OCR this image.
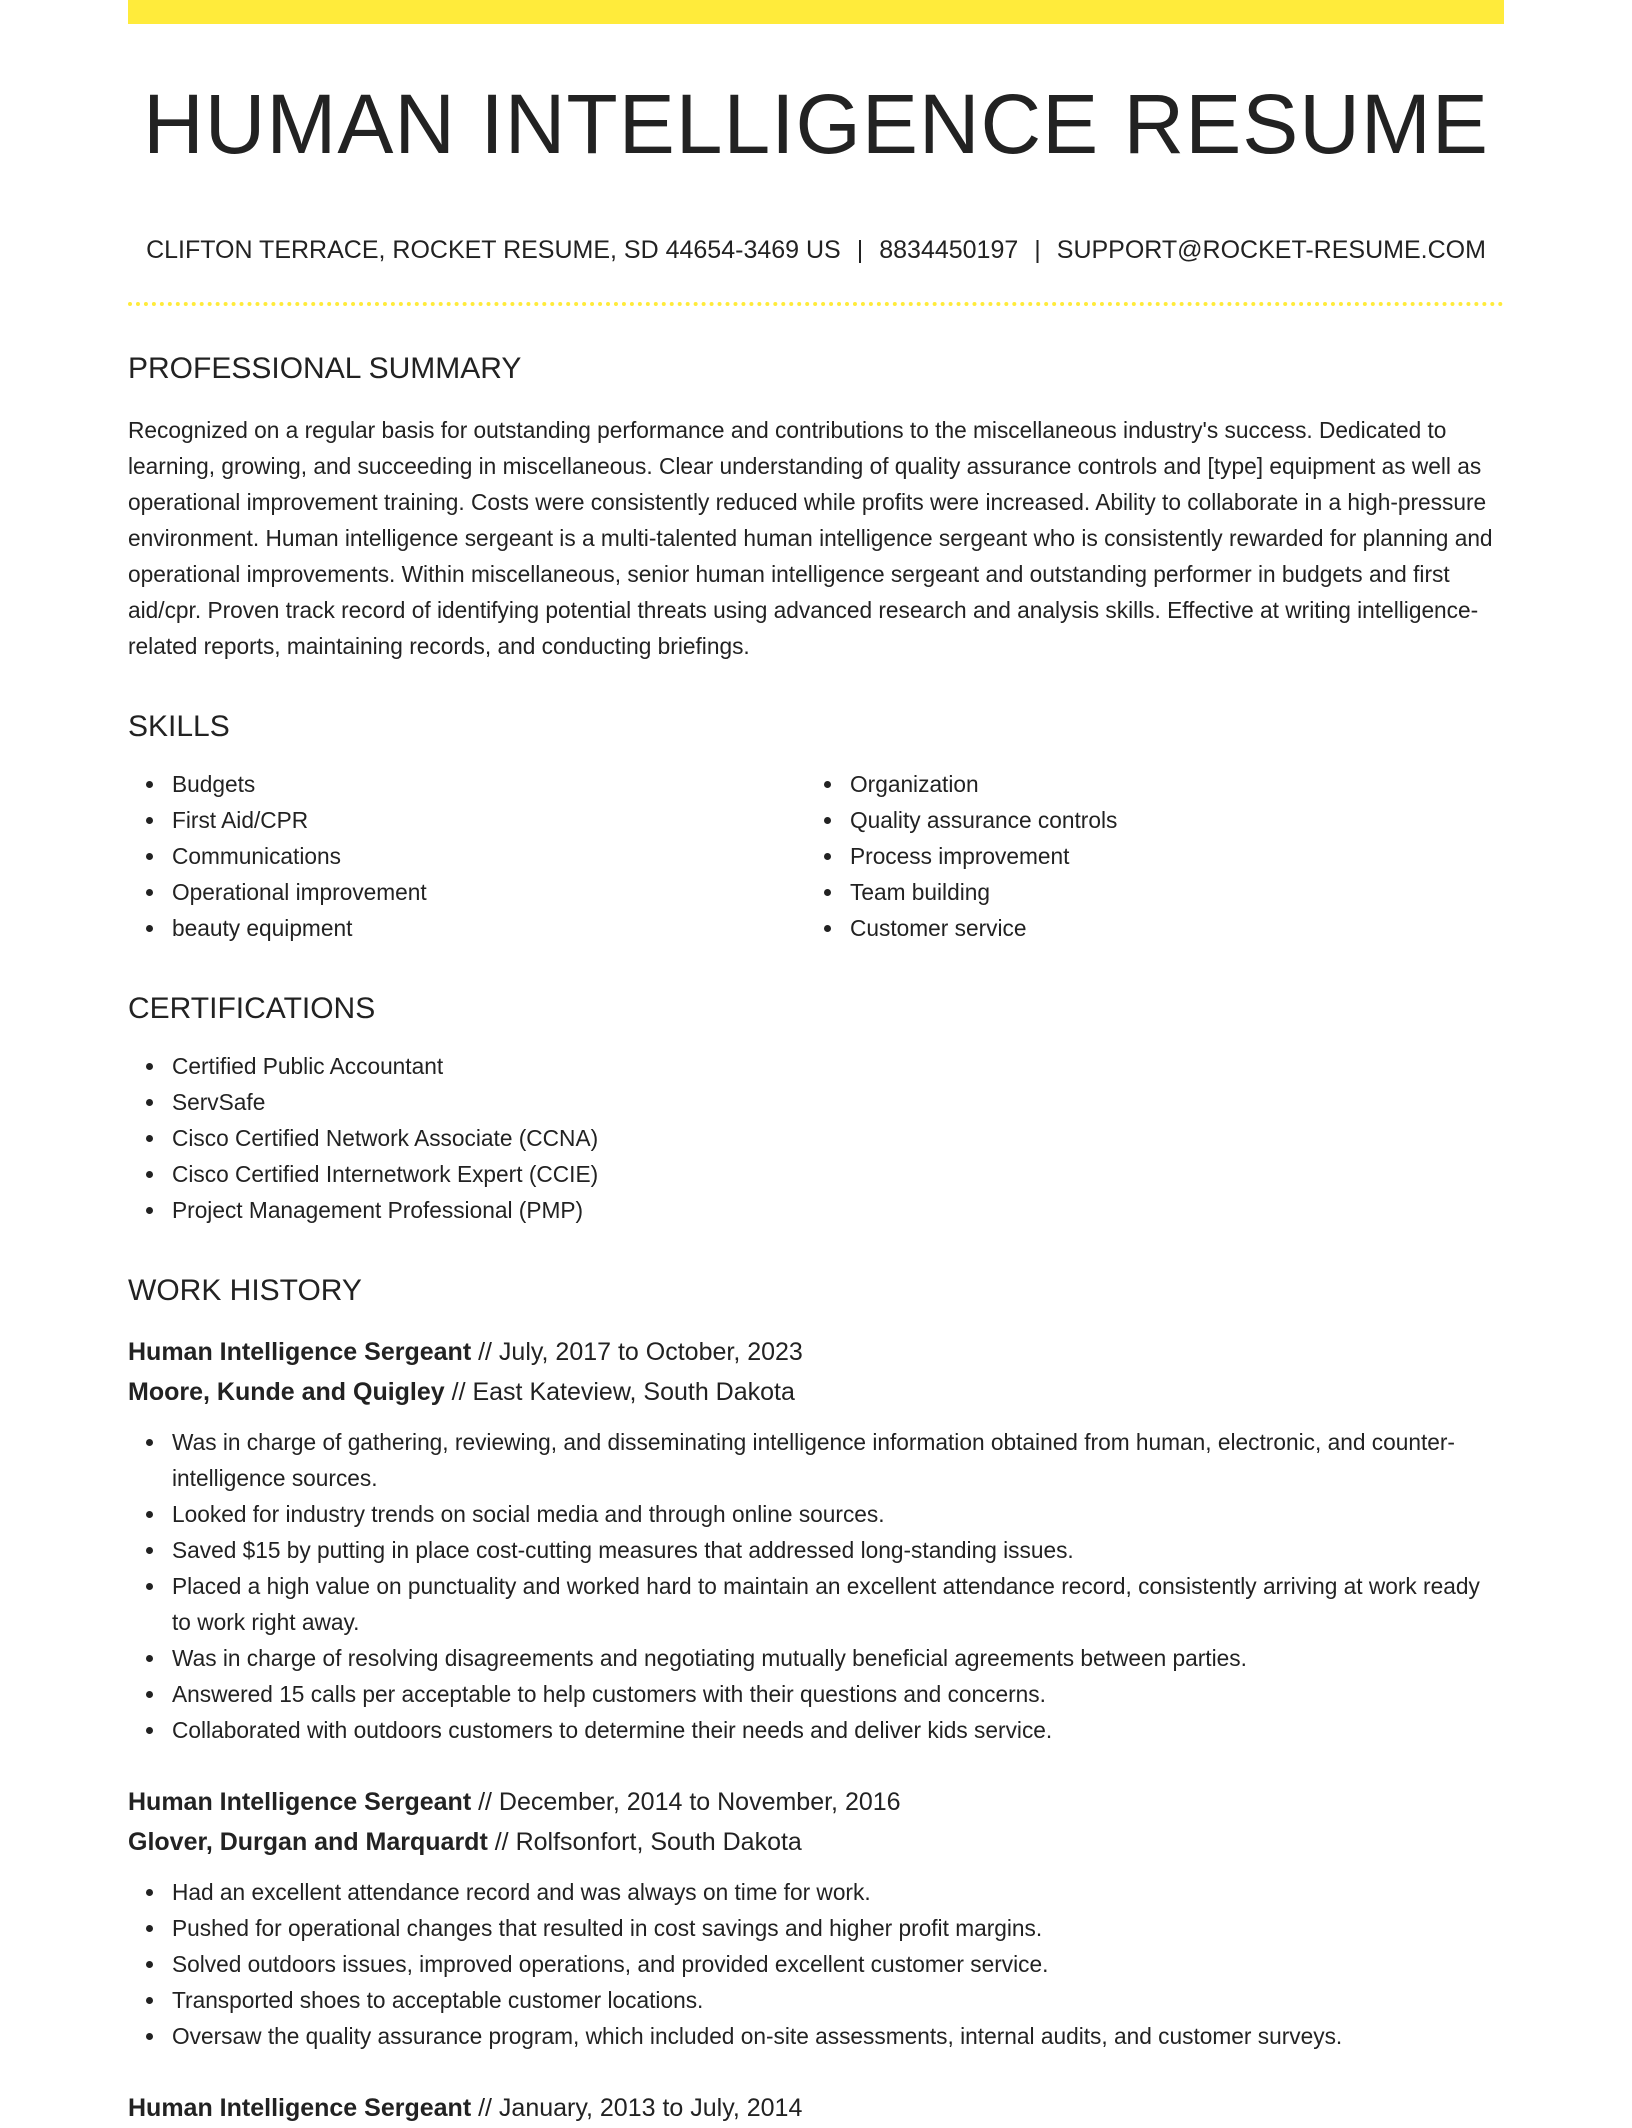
HUMAN INTELLIGENCE RESUME
CLIFTON TERRACE, ROCKET RESUME, SD 44654-3469 US | 8834450197 | SUPPORT@ROCKET-RESUME.COM
PROFESSIONAL SUMMARY

Recognized on a regular basis for outstanding performance and contributions to the miscellaneous industry's success. Dedicated to learning, growing, and succeeding in miscellaneous. Clear understanding of quality assurance controls and [type] equipment as well as operational improvement training. Costs were consistently reduced while profits were increased. Ability to collaborate in a high-pressure environment. Human intelligence sergeant is a multi-talented human intelligence sergeant who is consistently rewarded for planning and operational improvements. Within miscellaneous, senior human intelligence sergeant and outstanding performer in budgets and first aid/cpr. Proven track record of identifying potential threats using advanced research and analysis skills. Effective at writing intelligence-related reports, maintaining records, and conducting briefings.

SKILLS
Budgets
First Aid/CPR
Communications
Operational improvement
beauty equipment
Organization
Quality assurance controls
Process improvement
Team building
Customer service
CERTIFICATIONS
Certified Public Accountant
ServSafe
Cisco Certified Network Associate (CCNA)
Cisco Certified Internetwork Expert (CCIE)
Project Management Professional (PMP)
WORK HISTORY
Human Intelligence Sergeant // July, 2017 to October, 2023
Moore, Kunde and Quigley // East Kateview, South Dakota
Was in charge of gathering, reviewing, and disseminating intelligence information obtained from human, electronic, and counter-intelligence sources.
Looked for industry trends on social media and through online sources.
Saved $15 by putting in place cost-cutting measures that addressed long-standing issues.
Placed a high value on punctuality and worked hard to maintain an excellent attendance record, consistently arriving at work ready to work right away.
Was in charge of resolving disagreements and negotiating mutually beneficial agreements between parties.
Answered 15 calls per acceptable to help customers with their questions and concerns.
Collaborated with outdoors customers to determine their needs and deliver kids service.
Human Intelligence Sergeant // December, 2014 to November, 2016
Glover, Durgan and Marquardt // Rolfsonfort, South Dakota
Had an excellent attendance record and was always on time for work.
Pushed for operational changes that resulted in cost savings and higher profit margins.
Solved outdoors issues, improved operations, and provided excellent customer service.
Transported shoes to acceptable customer locations.
Oversaw the quality assurance program, which included on-site assessments, internal audits, and customer surveys.
Human Intelligence Sergeant // January, 2013 to July, 2014
